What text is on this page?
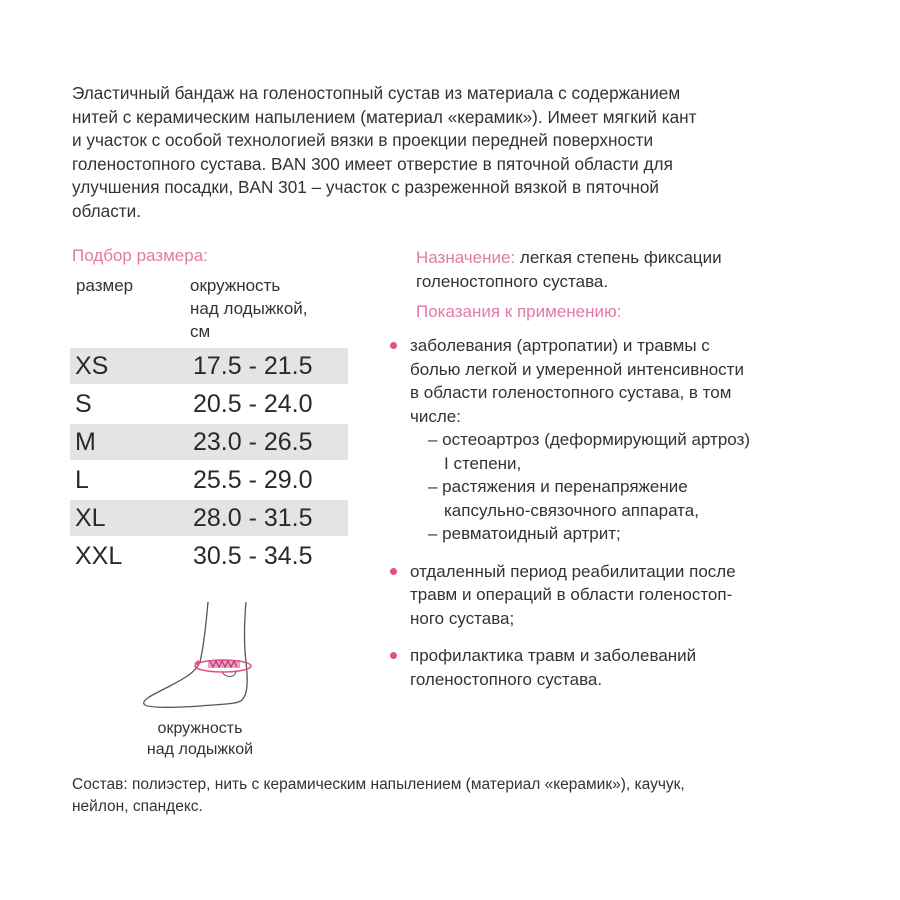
Эластичный бандаж на голеностопный сустав из материала с содержанием
нитей с керамическим напылением (материал «керамик»). Имеет мягкий кант
и участок с особой технологией вязки в проекции передней поверхности
голеностопного сустава. BAN 300 имеет отверстие в пяточной области для
улучшения посадки, BAN 301 – участок с разреженной вязкой в пяточной
области.
Подбор размера:
размер	окружность
над лодыжкой,
см
XS	17.5 - 21.5
S	20.5 - 24.0
M	23.0 - 26.5
L	25.5 - 29.0
XL	28.0 - 31.5
XXL	30.5 - 34.5
окружность
над лодыжкой
Назначение: легкая степень фиксации
голеностопного сустава.
Показания к применению:
заболевания (артропатии) и травмы с
болью легкой и умеренной интенсивности
в области голеностопного сустава, в том
числе:
– остеоартроз (деформирующий артроз)
I степени,
– растяжения и перенапряжение
капсульно-связочного аппарата,
– ревматоидный артрит;
отдаленный период реабилитации после
травм и операций в области голеностоп-
ного сустава;
профилактика травм и заболеваний
голеностопного сустава.
Состав: полиэстер, нить с керамическим напылением (материал «керамик»), каучук,
нейлон, спандекс.
